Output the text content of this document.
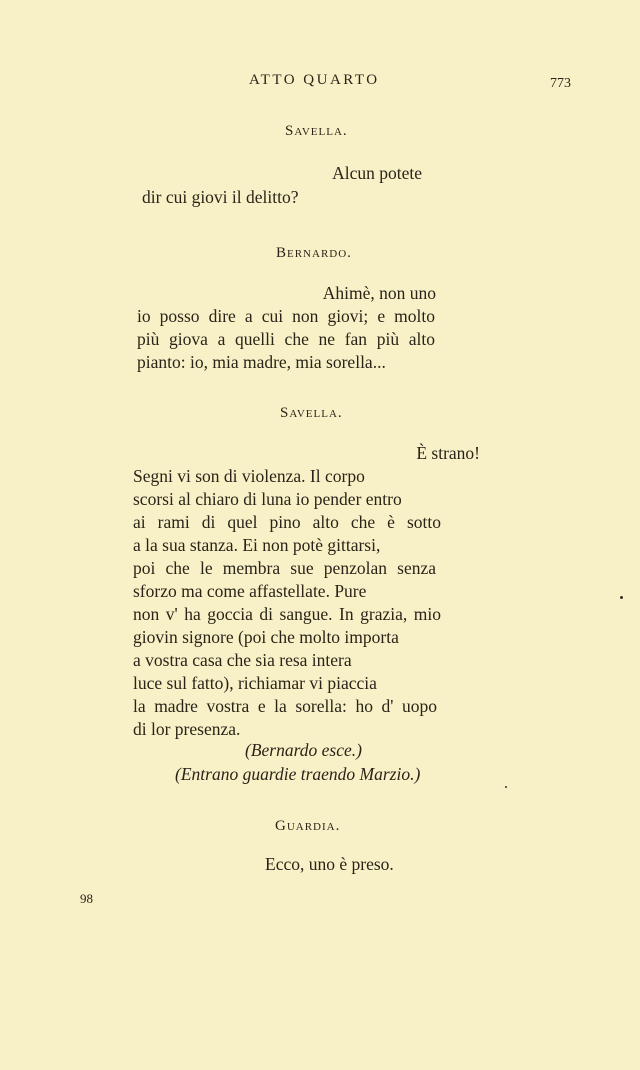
ATTO QUARTO	773
Savella.
Alcun potete
dir cui giovi il delitto?
Bernardo.
Ahimè, non uno
io posso dire a cui non giovi; e molto
più giova a quelli che ne fan più alto
pianto: io, mia madre, mia sorella...
Savella.
È strano!
Segni vi son di violenza. Il corpo
scorsi al chiaro di luna io pender entro
ai rami di quel pino alto che è sotto
a la sua stanza. Ei non potè gittarsi,
poi che le membra sue penzolan senza
sforzo ma come affastellate. Pure
non v' ha goccia di sangue. In grazia, mio
giovin signore (poi che molto importa
a vostra casa che sia resa intera
luce sul fatto), richiamar vi piaccia
la madre vostra e la sorella: ho d' uopo
di lor presenza.
(Bernardo esce.)
(Entrano guardie traendo Marzio.)
Guardia.
Ecco, uno è preso.
98
